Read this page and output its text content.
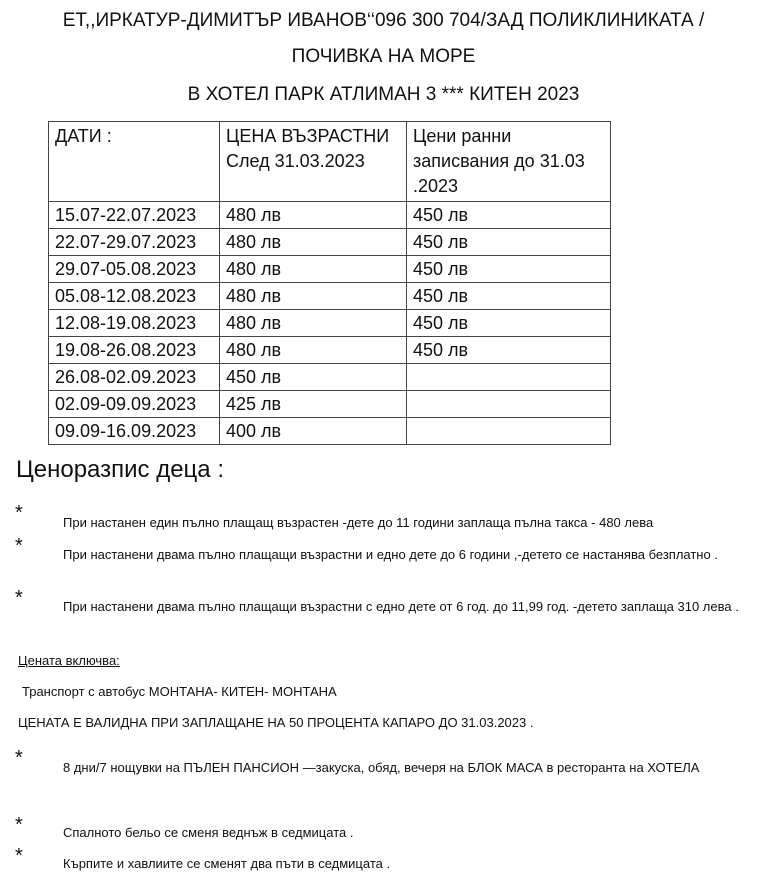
ЕТ,,ИРКАТУР-ДИМИТЪР ИВАНОВ‘‘096 300 704/ЗАД ПОЛИКЛИНИКАТА /

ПОЧИВКА НА МОРЕ

В ХОТЕЛ ПАРК АТЛИМАН 3 *** КИТЕН 2023

ДАТИ :	ЦЕНА ВЪЗРАСТНИ След 31.03.2023	Цени ранни записвания до 31.03 .2023
15.07-22.07.2023	480 лв	450 лв
22.07-29.07.2023	480 лв	450 лв
29.07-05.08.2023	480 лв	450 лв
05.08-12.08.2023	480 лв	450 лв
12.08-19.08.2023	480 лв	450 лв
19.08-26.08.2023	480 лв	450 лв
26.08-02.09.2023	450 лв	
02.09-09.09.2023	425 лв	
09.09-16.09.2023	400 лв	

Ценоразпис деца :

*	При настанен един пълно плащащ възрастен -дете до 11 години заплаща пълна такса - 480 лева
*	При настанени двама пълно плащащи възрастни и едно дете до 6 години ,-детето се настанява безплатно .
*	При настанени двама пълно плащащи възрастни с едно дете от 6 год. до 11,99 год. -детето заплаща 310 лева .

Цената включва:

Транспорт с автобус МОНТАНА- КИТЕН- МОНТАНА

ЦЕНАТА Е ВАЛИДНА ПРИ ЗАПЛАЩАНЕ НА 50 ПРОЦЕНТА КАПАРО ДО 31.03.2023 .

*	8 дни/7 нощувки на ПЪЛЕН ПАНСИОН —закуска, обяд, вечеря на БЛОК МАСА в ресторанта на ХОТЕЛА
*	Спалното бельо се сменя веднъж в седмицата .
*	Кърпите и хавлиите се сменят два пъти в седмицата .
